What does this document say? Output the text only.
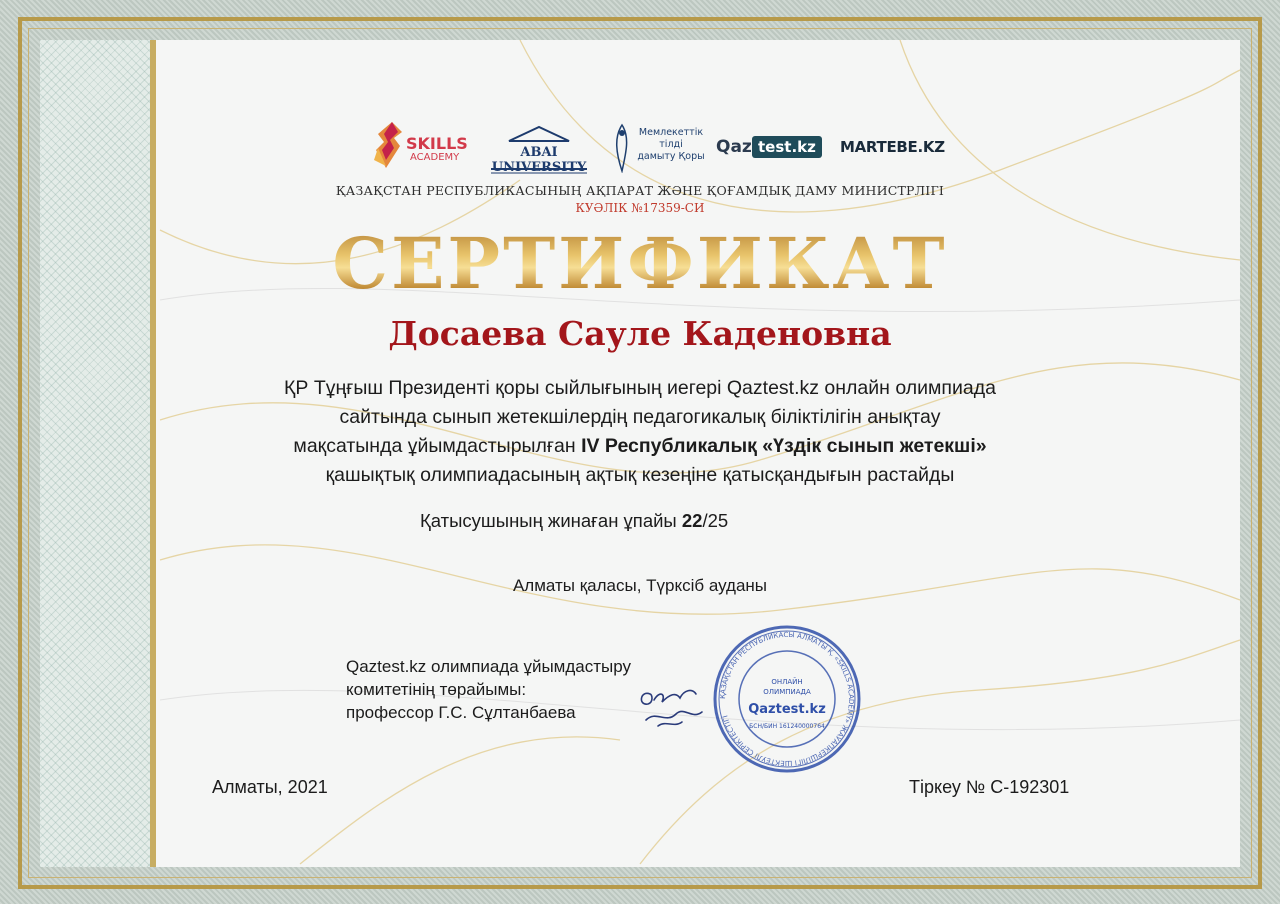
SKILLS
ACADEMY	ABAI UNIVERSITY
Мемлекеттік
тілді
дамыту Қоры Qaz test.kz	MARTEBE.KZ
ҚАЗАҚСТАН РЕСПУБЛИКАСЫНЫҢ АҚПАРАТ ЖӘНЕ ҚОҒАМДЫҚ ДАМУ МИНИСТРЛІГІ
КУӘЛІК №17359-СИ
СЕРТИФИКАТ
Досаева Сауле Каденовна
ҚР Тұңғыш Президенті қоры сыйлығының иегері Qaztest.kz онлайн олимпиада
сайтында сынып жетекшілердің педагогикалық біліктілігін анықтау
мақсатында ұйымдастырылған IV Республикалық «Үздік сынып жетекші»
қашықтық олимпиадасының ақтық кезеңіне қатысқандығын растайды
Қатысушының жинаған ұпайы 22/25
Алматы қаласы, Түрксіб ауданы
Qaztest.kz олимпиада ұйымдастыру
комитетінің төрайымы:
профессор Г.С. Сұлтанбаева
ҚАЗАҚСТАН РЕСПУБЛИКАСЫ АЛМАТЫ Қ. «SKILLS ACADEMY» ЖАУАПКЕРШІЛІГІ ШЕКТЕУЛІ СЕРІКТЕСТІГІ
ОНЛАЙН
ОЛИМПИАДА
Qaztest.kz
БСН/БИН 161240000764
Алматы, 2021	Тіркеу № С-192301
